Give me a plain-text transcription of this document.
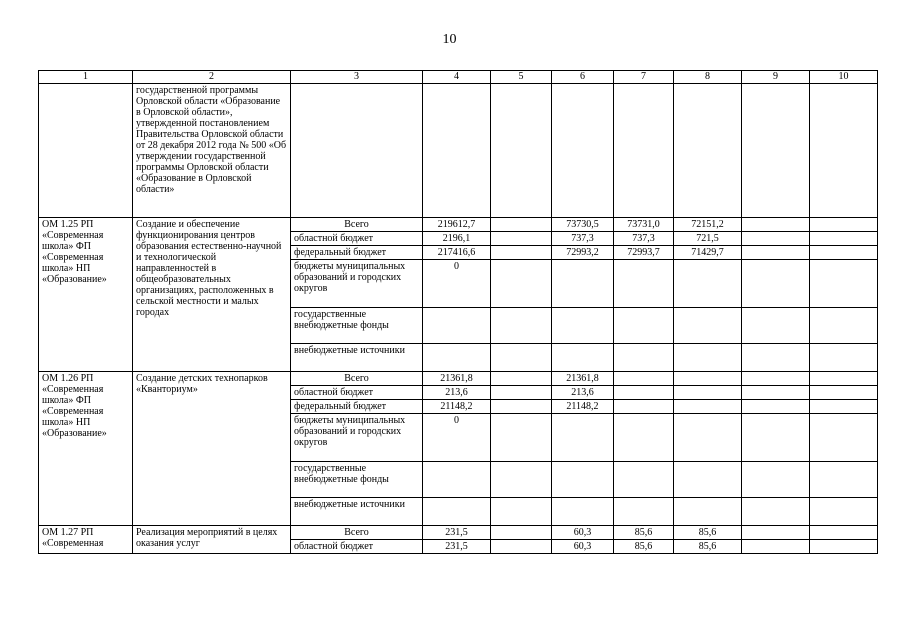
10
1	2	3	4	5	6	7	8	9	10
	государственной программы Орловской области «Образование в Орловской области», утвержденной постановлением Правительства Орловской области от 28 декабря 2012 года № 500 «Об утверждении государственной программы Орловской области «Образование в Орловской области»								
ОМ 1.25 РП «Современная школа» ФП «Современная школа» НП «Образование»	Создание и обеспечение функционирования центров образования естественно-научной и технологической направленностей в общеобразовательных организациях, расположенных в сельской местности и малых городах	Всего	219612,7		73730,5	73731,0	72151,2		
		областной бюджет	2196,1		737,3	737,3	721,5		
		федеральный бюджет	217416,6		72993,2	72993,7	71429,7		
		бюджеты муниципальных образований и городских округов	0						
		государственные внебюджетные фонды							
		внебюджетные источники							
ОМ 1.26 РП «Современная школа» ФП «Современная школа» НП «Образование»	Создание детских технопарков «Кванториум»	Всего	21361,8		21361,8				
		областной бюджет	213,6		213,6				
		федеральный бюджет	21148,2		21148,2				
		бюджеты муниципальных образований и городских округов	0						
		государственные внебюджетные фонды							
		внебюджетные источники							
ОМ 1.27 РП «Современная	Реализация мероприятий в целях оказания услуг	Всего	231,5		60,3	85,6	85,6		
		областной бюджет	231,5		60,3	85,6	85,6		
